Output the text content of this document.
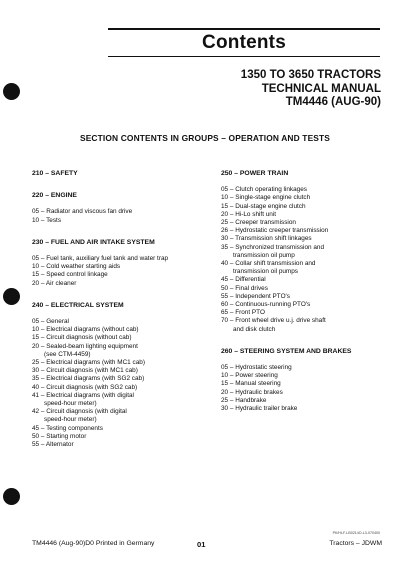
Contents
1350 TO 3650 TRACTORS
TECHNICAL MANUAL
TM4446 (AUG-90)
SECTION CONTENTS IN GROUPS – OPERATION AND TESTS
210 – SAFETY
220 – ENGINE
05 – Radiator and viscous fan drive
10 – Tests
230 – FUEL AND AIR INTAKE SYSTEM
05 – Fuel tank, auxiliary fuel tank and water trap
10 – Cold weather starting aids
15 – Speed control linkage
20 – Air cleaner
240 – ELECTRICAL SYSTEM
05 – General
10 – Electrical diagrams (without cab)
15 – Circuit diagnosis (without cab)
20 – Sealed-beam lighting equipment
(see CTM-4459)
25 – Electrical diagrams (with MC1 cab)
30 – Circuit diagnosis (with MC1 cab)
35 – Electrical diagrams (with SG2 cab)
40 – Circuit diagnosis (with SG2 cab)
41 – Electrical diagrams (with digital
speed-hour meter)
42 – Circuit diagnosis (with digital
speed-hour meter)
45 – Testing components
50 – Starting motor
55 – Alternator
250 – POWER TRAIN
05 – Clutch operating linkages
10 – Single-stage engine clutch
15 – Dual-stage engine clutch
20 – Hi-Lo shift unit
25 – Creeper transmission
26 – Hydrostatic creeper transmission
30 – Transmission shift linkages
35 – Synchronized transmission and
transmission oil pump
40 – Collar shift transmission and
transmission oil pumps
45 – Differential
50 – Final drives
55 – Independent PTO's
60 – Continuous-running PTO's
65 – Front PTO
70 – Front wheel drive u.j. drive shaft
and disk clutch
260 – STEERING SYSTEM AND BRAKES
05 – Hydrostatic steering
10 – Power steering
15 – Manual steering
20 – Hydraulic brakes
25 – Handbrake
30 – Hydraulic trailer brake
PK/HLF-LB0214O-L3-070400
TM4446 (Aug-90)D0 Printed in Germany	01	Tractors – JDWM
